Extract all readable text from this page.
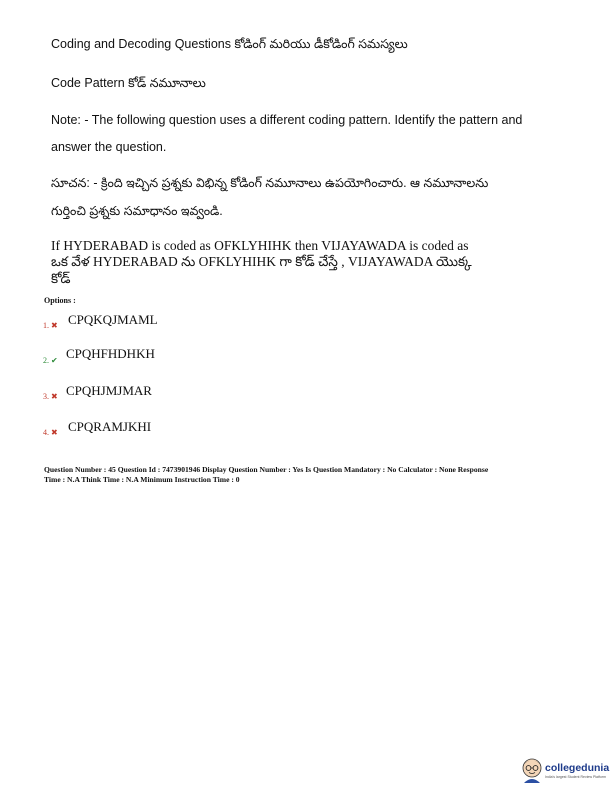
Coding and Decoding Questions కోడింగ్ మరియు డీకోడింగ్ సమస్యలు
Code Pattern కోడ్ నమూనాలు
Note: - The following question uses a different coding pattern. Identify the pattern and
answer the question.
సూచన: - క్రింది ఇచ్చిన ప్రశ్నకు విభిన్న కోడింగ్ నమూనాలు ఉపయోగించారు. ఆ నమూనాలను
గుర్తించి ప్రశ్నకు సమాధానం ఇవ్వండి.
If HYDERABAD is coded as OFKLYHIHK then VIJAYAWADA is coded as
ఒక వేళ HYDERABAD ను OFKLYHIHK గా కోడ్ చేస్తే , VIJAYAWADA యొక్క
కోడ్
Options :
1. ✖ CPQKQJMAML
2. ✔ CPQHFHDHKH
3. ✖ CPQHJMJMAR
4. ✖ CPQRAMJKHI
Question Number : 45 Question Id : 7473901946 Display Question Number : Yes Is Question Mandatory : No Calculator : None Response
Time : N.A Think Time : N.A Minimum Instruction Time : 0
collegedunia
India's largest Student Review Platform
